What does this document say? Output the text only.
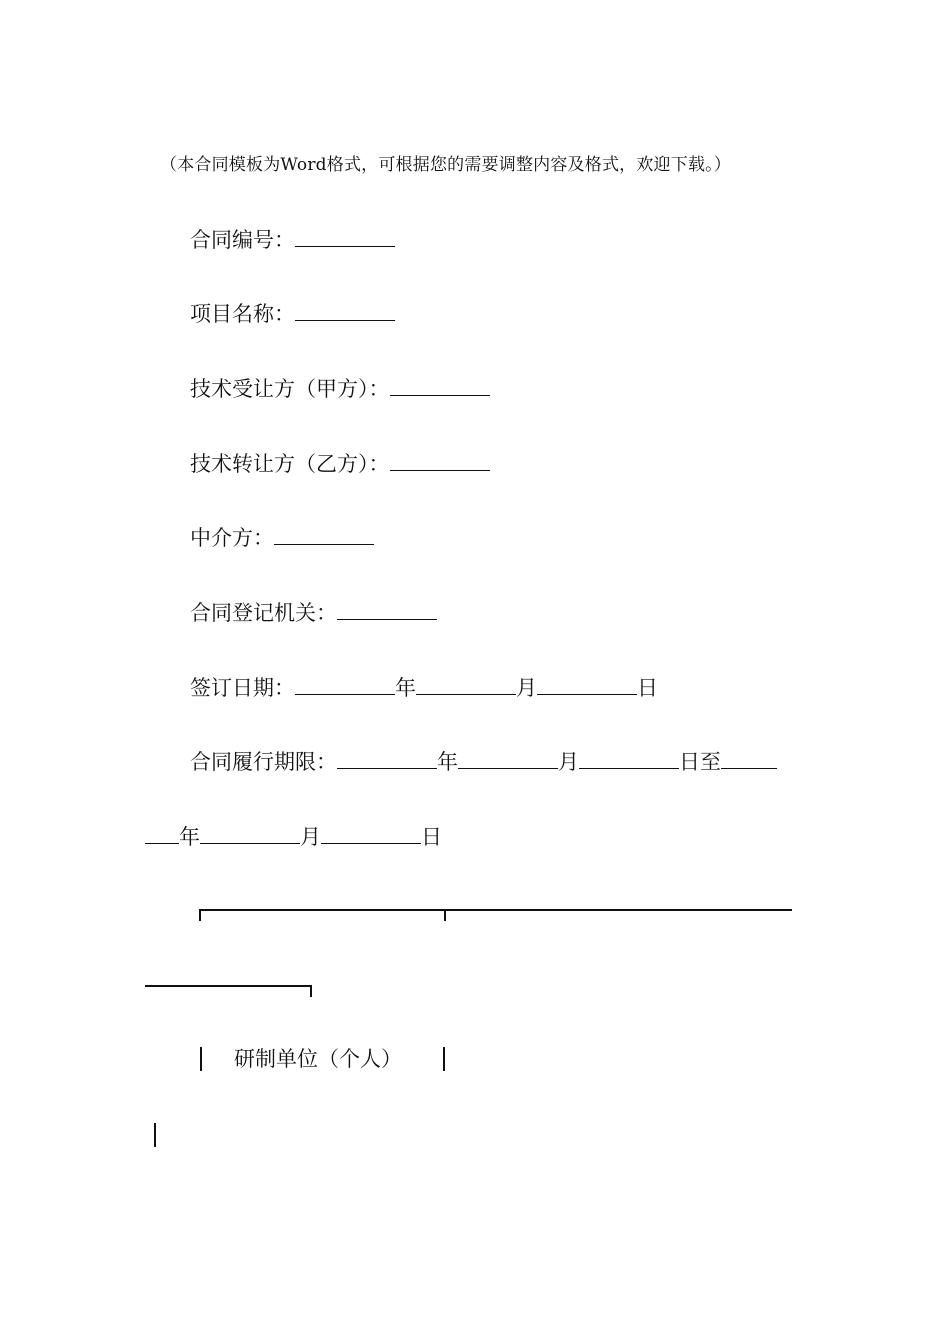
（本合同模板为Word格式，可根据您的需要调整内容及格式，欢迎下载。）
合同编号：
项目名称：
技术受让方（甲方）：
技术转让方（乙方）：
中介方：
合同登记机关：
签订日期：	年	月	日
合同履行期限：	年	月	日至
年	月	日
研制单位（个人）
